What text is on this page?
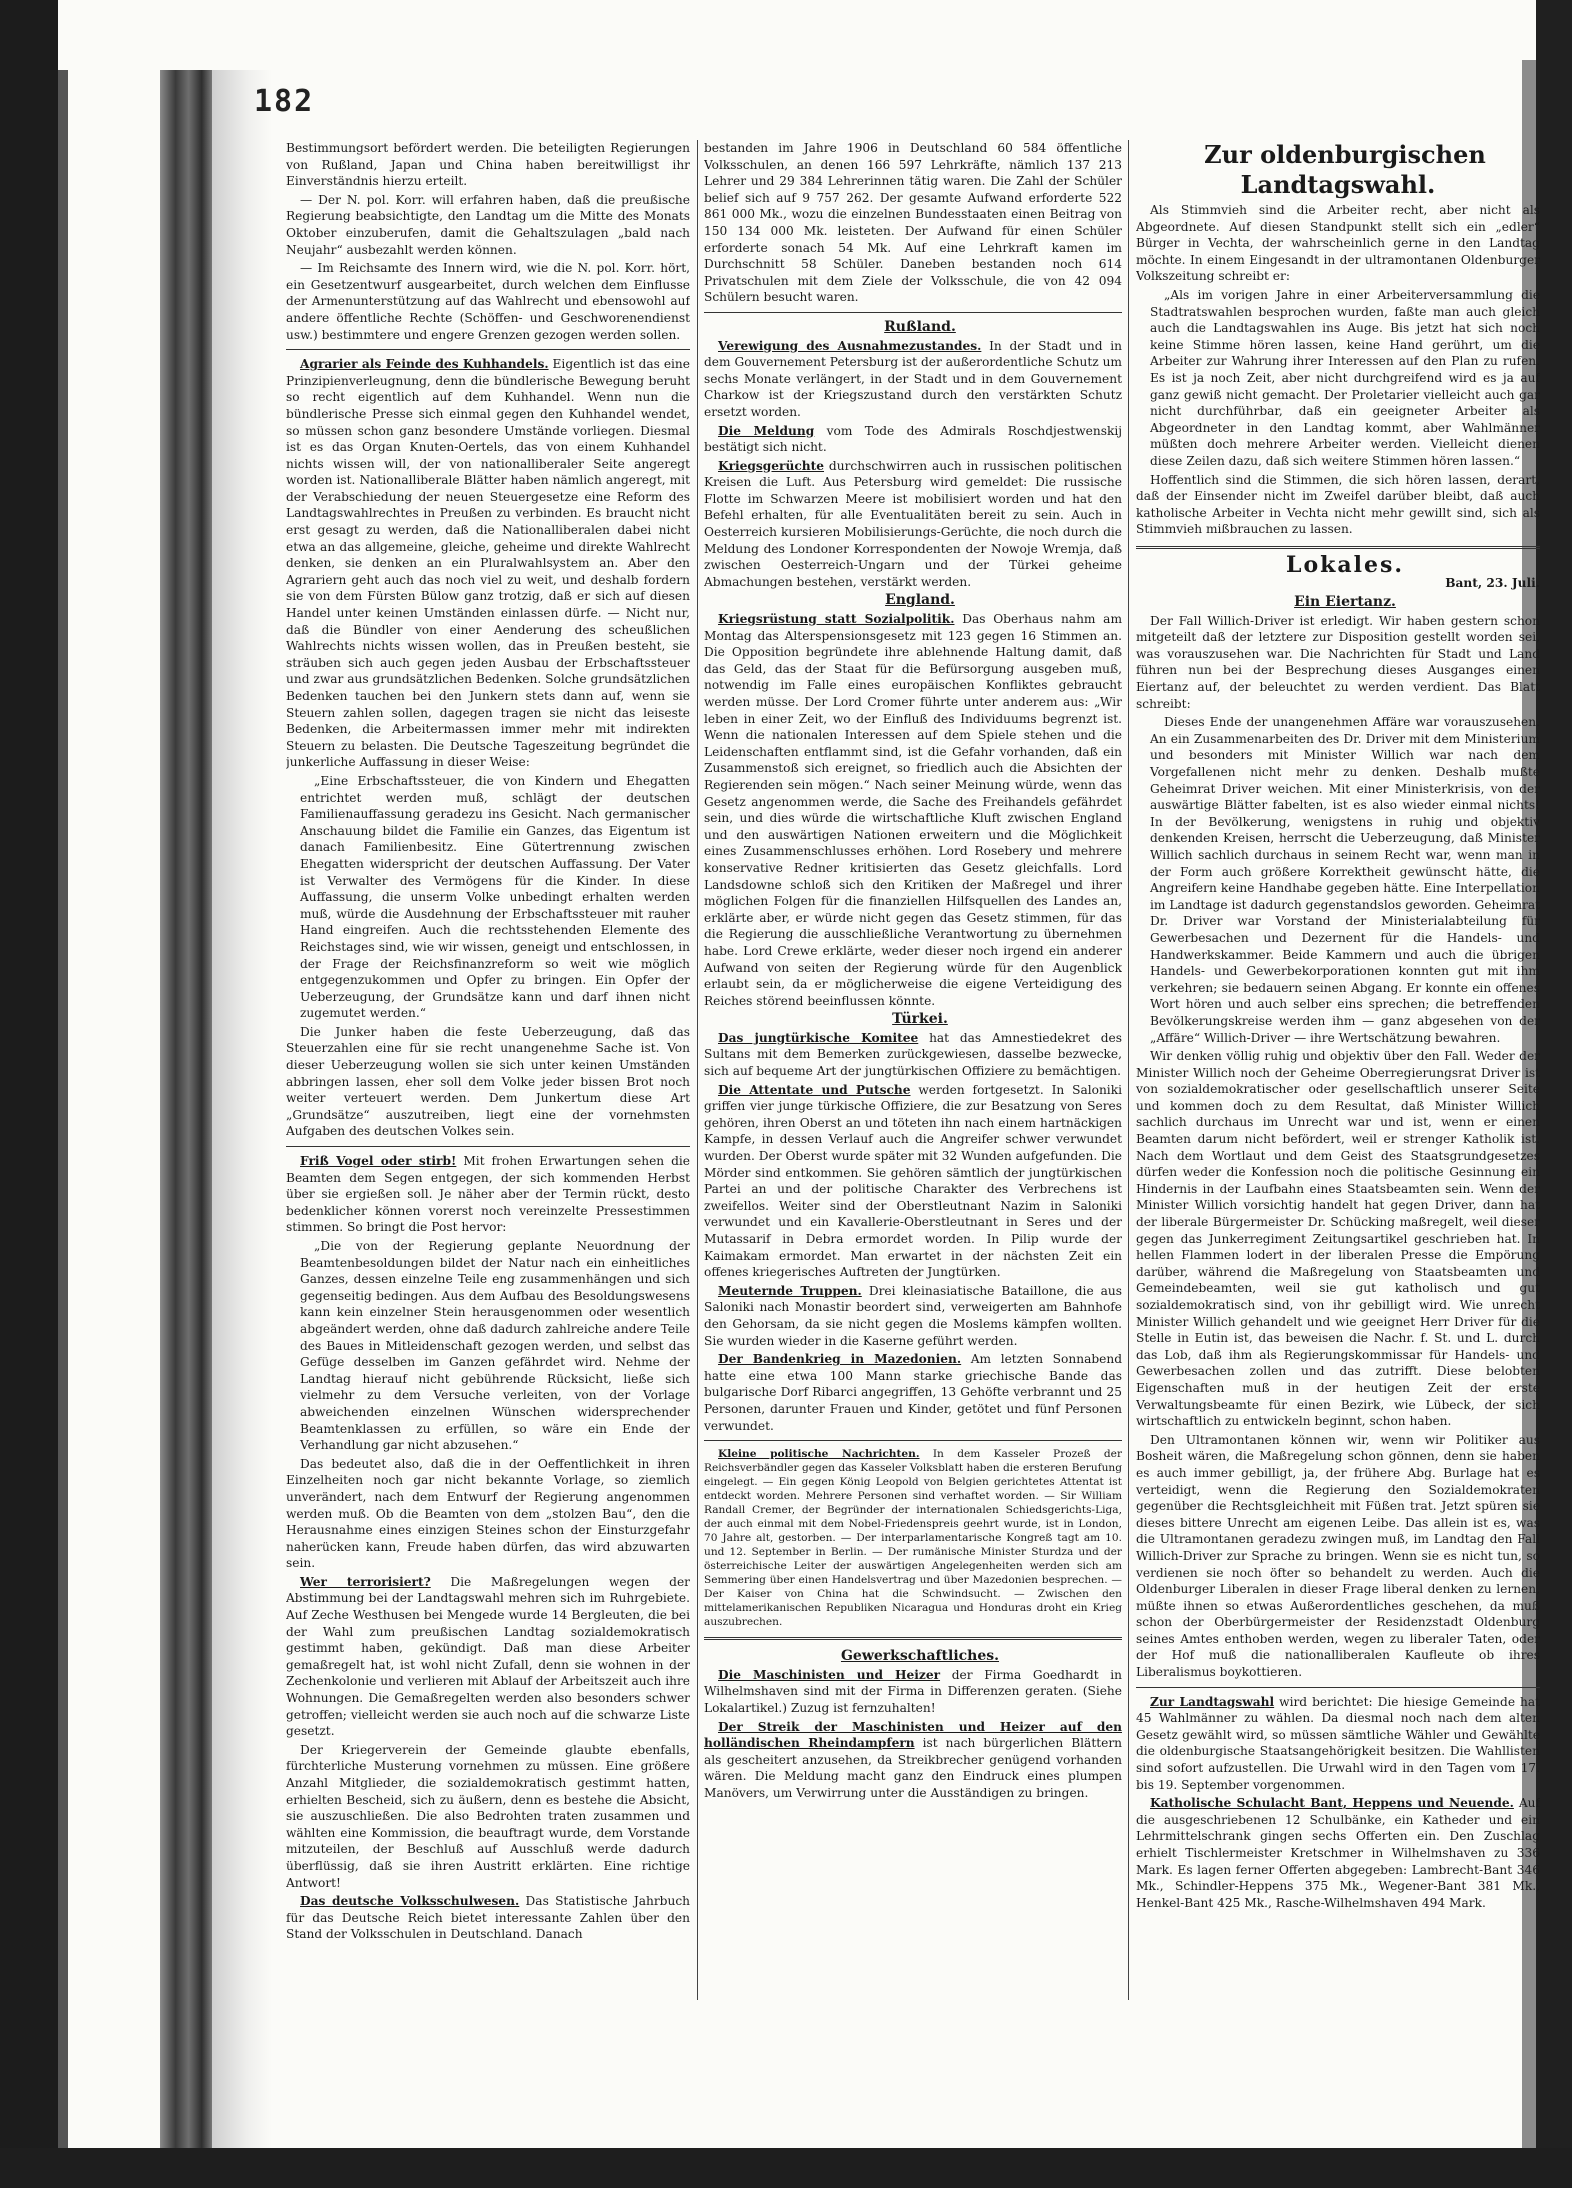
182

Bestimmungsort befördert werden. Die beteiligten Regierungen von Rußland, Japan und China haben bereitwilligst ihr Einverständnis hierzu erteilt.

— Der N. pol. Korr. will erfahren haben, daß die preußische Regierung beabsichtigte, den Landtag um die Mitte des Monats Oktober einzuberufen, damit die Gehaltszulagen „bald nach Neujahr“ ausbezahlt werden können.

— Im Reichsamte des Innern wird, wie die N. pol. Korr. hört, ein Gesetzentwurf ausgearbeitet, durch welchen dem Einflusse der Armenunterstützung auf das Wahlrecht und ebensowohl auf andere öffentliche Rechte (Schöffen- und Geschworenendienst usw.) bestimmtere und engere Grenzen gezogen werden sollen.

Agrarier als Feinde des Kuhhandels. Eigentlich ist das eine Prinzipienverleugnung, denn die bündlerische Bewegung beruht so recht eigentlich auf dem Kuhhandel. Wenn nun die bündlerische Presse sich einmal gegen den Kuhhandel wendet, so müssen schon ganz besondere Umstände vorliegen. Diesmal ist es das Organ Knuten-Oertels, das von einem Kuhhandel nichts wissen will, der von nationalliberaler Seite angeregt worden ist. Nationalliberale Blätter haben nämlich angeregt, mit der Verabschiedung der neuen Steuergesetze eine Reform des Landtagswahlrechtes in Preußen zu verbinden. Es braucht nicht erst gesagt zu werden, daß die Nationalliberalen dabei nicht etwa an das allgemeine, gleiche, geheime und direkte Wahlrecht denken, sie denken an ein Pluralwahlsystem an. Aber den Agrariern geht auch das noch viel zu weit, und deshalb fordern sie von dem Fürsten Bülow ganz trotzig, daß er sich auf diesen Handel unter keinen Umständen einlassen dürfe. — Nicht nur, daß die Bündler von einer Aenderung des scheußlichen Wahlrechts nichts wissen wollen, das in Preußen besteht, sie sträuben sich auch gegen jeden Ausbau der Erbschaftssteuer und zwar aus grundsätzlichen Bedenken. Solche grundsätzlichen Bedenken tauchen bei den Junkern stets dann auf, wenn sie Steuern zahlen sollen, dagegen tragen sie nicht das leiseste Bedenken, die Arbeitermassen immer mehr mit indirekten Steuern zu belasten. Die Deutsche Tageszeitung begründet die junkerliche Auffassung in dieser Weise:

„Eine Erbschaftssteuer, die von Kindern und Ehegatten entrichtet werden muß, schlägt der deutschen Familienauffassung geradezu ins Gesicht. Nach germanischer Anschauung bildet die Familie ein Ganzes, das Eigentum ist danach Familienbesitz. Eine Gütertrennung zwischen Ehegatten widerspricht der deutschen Auffassung. Der Vater ist Verwalter des Vermögens für die Kinder. In diese Auffassung, die unserm Volke unbedingt erhalten werden muß, würde die Ausdehnung der Erbschaftssteuer mit rauher Hand eingreifen. Auch die rechtsstehenden Elemente des Reichstages sind, wie wir wissen, geneigt und entschlossen, in der Frage der Reichsfinanzreform so weit wie möglich entgegenzukommen und Opfer zu bringen. Ein Opfer der Ueberzeugung, der Grundsätze kann und darf ihnen nicht zugemutet werden.“

Die Junker haben die feste Ueberzeugung, daß das Steuerzahlen eine für sie recht unangenehme Sache ist. Von dieser Ueberzeugung wollen sie sich unter keinen Umständen abbringen lassen, eher soll dem Volke jeder bissen Brot noch weiter verteuert werden. Dem Junkertum diese Art „Grundsätze“ auszutreiben, liegt eine der vornehmsten Aufgaben des deutschen Volkes sein.

Friß Vogel oder stirb! Mit frohen Erwartungen sehen die Beamten dem Segen entgegen, der sich kommenden Herbst über sie ergießen soll. Je näher aber der Termin rückt, desto bedenklicher können vorerst noch vereinzelte Pressestimmen stimmen. So bringt die Post hervor:

„Die von der Regierung geplante Neuordnung der Beamtenbesoldungen bildet der Natur nach ein einheitliches Ganzes, dessen einzelne Teile eng zusammenhängen und sich gegenseitig bedingen. Aus dem Aufbau des Besoldungswesens kann kein einzelner Stein herausgenommen oder wesentlich abgeändert werden, ohne daß dadurch zahlreiche andere Teile des Baues in Mitleidenschaft gezogen werden, und selbst das Gefüge desselben im Ganzen gefährdet wird. Nehme der Landtag hierauf nicht gebührende Rücksicht, ließe sich vielmehr zu dem Versuche verleiten, von der Vorlage abweichenden einzelnen Wünschen widersprechender Beamtenklassen zu erfüllen, so wäre ein Ende der Verhandlung gar nicht abzusehen.“

Das bedeutet also, daß die in der Oeffentlichkeit in ihren Einzelheiten noch gar nicht bekannte Vorlage, so ziemlich unverändert, nach dem Entwurf der Regierung angenommen werden muß. Ob die Beamten von dem „stolzen Bau“, den die Herausnahme eines einzigen Steines schon der Einsturzgefahr naherücken kann, Freude haben dürfen, das wird abzuwarten sein.

Wer terrorisiert? Die Maßregelungen wegen der Abstimmung bei der Landtagswahl mehren sich im Ruhrgebiete. Auf Zeche Westhusen bei Mengede wurde 14 Bergleuten, die bei der Wahl zum preußischen Landtag sozialdemokratisch gestimmt haben, gekündigt. Daß man diese Arbeiter gemaßregelt hat, ist wohl nicht Zufall, denn sie wohnen in der Zechenkolonie und verlieren mit Ablauf der Arbeitszeit auch ihre Wohnungen. Die Gemaßregelten werden also besonders schwer getroffen; vielleicht werden sie auch noch auf die schwarze Liste gesetzt.

Der Kriegerverein der Gemeinde glaubte ebenfalls, fürchterliche Musterung vornehmen zu müssen. Eine größere Anzahl Mitglieder, die sozialdemokratisch gestimmt hatten, erhielten Bescheid, sich zu äußern, denn es bestehe die Absicht, sie auszuschließen. Die also Bedrohten traten zusammen und wählten eine Kommission, die beauftragt wurde, dem Vorstande mitzuteilen, der Beschluß auf Ausschluß werde dadurch überflüssig, daß sie ihren Austritt erklärten. Eine richtige Antwort!

Das deutsche Volksschulwesen. Das Statistische Jahrbuch für das Deutsche Reich bietet interessante Zahlen über den Stand der Volksschulen in Deutschland. Danach

bestanden im Jahre 1906 in Deutschland 60 584 öffentliche Volksschulen, an denen 166 597 Lehrkräfte, nämlich 137 213 Lehrer und 29 384 Lehrerinnen tätig waren. Die Zahl der Schüler belief sich auf 9 757 262. Der gesamte Aufwand erforderte 522 861 000 Mk., wozu die einzelnen Bundesstaaten einen Beitrag von 150 134 000 Mk. leisteten. Der Aufwand für einen Schüler erforderte sonach 54 Mk. Auf eine Lehrkraft kamen im Durchschnitt 58 Schüler. Daneben bestanden noch 614 Privatschulen mit dem Ziele der Volksschule, die von 42 094 Schülern besucht waren.

Rußland.

Verewigung des Ausnahmezustandes. In der Stadt und in dem Gouvernement Petersburg ist der außerordentliche Schutz um sechs Monate verlängert, in der Stadt und in dem Gouvernement Charkow ist der Kriegszustand durch den verstärkten Schutz ersetzt worden.

Die Meldung vom Tode des Admirals Roschdjestwenskij bestätigt sich nicht.

Kriegsgerüchte durchschwirren auch in russischen politischen Kreisen die Luft. Aus Petersburg wird gemeldet: Die russische Flotte im Schwarzen Meere ist mobilisiert worden und hat den Befehl erhalten, für alle Eventualitäten bereit zu sein. Auch in Oesterreich kursieren Mobilisierungs-Gerüchte, die noch durch die Meldung des Londoner Korrespondenten der Nowoje Wremja, daß zwischen Oesterreich-Ungarn und der Türkei geheime Abmachungen bestehen, verstärkt werden.

England.

Kriegsrüstung statt Sozialpolitik. Das Oberhaus nahm am Montag das Alterspensionsgesetz mit 123 gegen 16 Stimmen an. Die Opposition begründete ihre ablehnende Haltung damit, daß das Geld, das der Staat für die Befürsorgung ausgeben muß, notwendig im Falle eines europäischen Konfliktes gebraucht werden müsse. Der Lord Cromer führte unter anderem aus: „Wir leben in einer Zeit, wo der Einfluß des Individuums begrenzt ist. Wenn die nationalen Interessen auf dem Spiele stehen und die Leidenschaften entflammt sind, ist die Gefahr vorhanden, daß ein Zusammenstoß sich ereignet, so friedlich auch die Absichten der Regierenden sein mögen.“ Nach seiner Meinung würde, wenn das Gesetz angenommen werde, die Sache des Freihandels gefährdet sein, und dies würde die wirtschaftliche Kluft zwischen England und den auswärtigen Nationen erweitern und die Möglichkeit eines Zusammenschlusses erhöhen. Lord Rosebery und mehrere konservative Redner kritisierten das Gesetz gleichfalls. Lord Landsdowne schloß sich den Kritiken der Maßregel und ihrer möglichen Folgen für die finanziellen Hilfsquellen des Landes an, erklärte aber, er würde nicht gegen das Gesetz stimmen, für das die Regierung die ausschließliche Verantwortung zu übernehmen habe. Lord Crewe erklärte, weder dieser noch irgend ein anderer Aufwand von seiten der Regierung würde für den Augenblick erlaubt sein, da er möglicherweise die eigene Verteidigung des Reiches störend beeinflussen könnte.

Türkei.

Das jungtürkische Komitee hat das Amnestiedekret des Sultans mit dem Bemerken zurückgewiesen, dasselbe bezwecke, sich auf bequeme Art der jungtürkischen Offiziere zu bemächtigen.

Die Attentate und Putsche werden fortgesetzt. In Saloniki griffen vier junge türkische Offiziere, die zur Besatzung von Seres gehören, ihren Oberst an und töteten ihn nach einem hartnäckigen Kampfe, in dessen Verlauf auch die Angreifer schwer verwundet wurden. Der Oberst wurde später mit 32 Wunden aufgefunden. Die Mörder sind entkommen. Sie gehören sämtlich der jungtürkischen Partei an und der politische Charakter des Verbrechens ist zweifellos. Weiter sind der Oberstleutnant Nazim in Saloniki verwundet und ein Kavallerie-Oberstleutnant in Seres und der Mutassarif in Debra ermordet worden. In Pilip wurde der Kaimakam ermordet. Man erwartet in der nächsten Zeit ein offenes kriegerisches Auftreten der Jungtürken.

Meuternde Truppen. Drei kleinasiatische Bataillone, die aus Saloniki nach Monastir beordert sind, verweigerten am Bahnhofe den Gehorsam, da sie nicht gegen die Moslems kämpfen wollten. Sie wurden wieder in die Kaserne geführt werden.

Der Bandenkrieg in Mazedonien. Am letzten Sonnabend hatte eine etwa 100 Mann starke griechische Bande das bulgarische Dorf Ribarci angegriffen, 13 Gehöfte verbrannt und 25 Personen, darunter Frauen und Kinder, getötet und fünf Personen verwundet.

Kleine politische Nachrichten. In dem Kasseler Prozeß der Reichsverbändler gegen das Kasseler Volksblatt haben die ersteren Berufung eingelegt. — Ein gegen König Leopold von Belgien gerichtetes Attentat ist entdeckt worden. Mehrere Personen sind verhaftet worden. — Sir William Randall Cremer, der Begründer der internationalen Schiedsgerichts-Liga, der auch einmal mit dem Nobel-Friedenspreis geehrt wurde, ist in London, 70 Jahre alt, gestorben. — Der interparlamentarische Kongreß tagt am 10. und 12. September in Berlin. — Der rumänische Minister Sturdza und der österreichische Leiter der auswärtigen Angelegenheiten werden sich am Semmering über einen Handelsvertrag und über Mazedonien besprechen. — Der Kaiser von China hat die Schwindsucht. — Zwischen den mittelamerikanischen Republiken Nicaragua und Honduras droht ein Krieg auszubrechen.

Gewerkschaftliches.

Die Maschinisten und Heizer der Firma Goedhardt in Wilhelmshaven sind mit der Firma in Differenzen geraten. (Siehe Lokalartikel.) Zuzug ist fernzuhalten!

Der Streik der Maschinisten und Heizer auf den holländischen Rheindampfern ist nach bürgerlichen Blättern als gescheitert anzusehen, da Streikbrecher genügend vorhanden wären. Die Meldung macht ganz den Eindruck eines plumpen Manövers, um Verwirrung unter die Ausständigen zu bringen.

Zur oldenburgischen Landtagswahl.

Als Stimmvieh sind die Arbeiter recht, aber nicht als Abgeordnete. Auf diesen Standpunkt stellt sich ein „edler“ Bürger in Vechta, der wahrscheinlich gerne in den Landtag möchte. In einem Eingesandt in der ultramontanen Oldenburger Volkszeitung schreibt er:

„Als im vorigen Jahre in einer Arbeiterversammlung die Stadtratswahlen besprochen wurden, faßte man auch gleich auch die Landtagswahlen ins Auge. Bis jetzt hat sich noch keine Stimme hören lassen, keine Hand gerührt, um die Arbeiter zur Wahrung ihrer Interessen auf den Plan zu rufen. Es ist ja noch Zeit, aber nicht durchgreifend wird es ja auf ganz gewiß nicht gemacht. Der Proletarier vielleicht auch gar nicht durchführbar, daß ein geeigneter Arbeiter als Abgeordneter in den Landtag kommt, aber Wahlmänner müßten doch mehrere Arbeiter werden. Vielleicht dienen diese Zeilen dazu, daß sich weitere Stimmen hören lassen.“

Hoffentlich sind die Stimmen, die sich hören lassen, derart, daß der Einsender nicht im Zweifel darüber bleibt, daß auch katholische Arbeiter in Vechta nicht mehr gewillt sind, sich als Stimmvieh mißbrauchen zu lassen.

Lokales.

Bant, 23. Juli.

Ein Eiertanz.

Der Fall Willich-Driver ist erledigt. Wir haben gestern schon mitgeteilt daß der letztere zur Disposition gestellt worden sei, was vorauszusehen war. Die Nachrichten für Stadt und Land führen nun bei der Besprechung dieses Ausganges einen Eiertanz auf, der beleuchtet zu werden verdient. Das Blatt schreibt:

Dieses Ende der unangenehmen Affäre war vorauszusehen. An ein Zusammenarbeiten des Dr. Driver mit dem Ministerium und besonders mit Minister Willich war nach dem Vorgefallenen nicht mehr zu denken. Deshalb mußte Geheimrat Driver weichen. Mit einer Ministerkrisis, von der auswärtige Blätter fabelten, ist es also wieder einmal nichts! In der Bevölkerung, wenigstens in ruhig und objektiv denkenden Kreisen, herrscht die Ueberzeugung, daß Minister Willich sachlich durchaus in seinem Recht war, wenn man in der Form auch größere Korrektheit gewünscht hätte, die Angreifern keine Handhabe gegeben hätte. Eine Interpellation im Landtage ist dadurch gegenstandslos geworden. Geheimrat Dr. Driver war Vorstand der Ministerialabteilung für Gewerbesachen und Dezernent für die Handels- und Handwerkskammer. Beide Kammern und auch die übrigen Handels- und Gewerbekorporationen konnten gut mit ihm verkehren; sie bedauern seinen Abgang. Er konnte ein offenes Wort hören und auch selber eins sprechen; die betreffenden Bevölkerungskreise werden ihm — ganz abgesehen von der „Affäre“ Willich-Driver — ihre Wertschätzung bewahren.

Wir denken völlig ruhig und objektiv über den Fall. Weder der Minister Willich noch der Geheime Oberregierungsrat Driver ist von sozialdemokratischer oder gesellschaftlich unserer Seite und kommen doch zu dem Resultat, daß Minister Willich sachlich durchaus im Unrecht war und ist, wenn er einen Beamten darum nicht befördert, weil er strenger Katholik ist. Nach dem Wortlaut und dem Geist des Staatsgrundgesetzes dürfen weder die Konfession noch die politische Gesinnung ein Hindernis in der Laufbahn eines Staatsbeamten sein. Wenn der Minister Willich vorsichtig handelt hat gegen Driver, dann hat der liberale Bürgermeister Dr. Schücking maßregelt, weil dieser gegen das Junkerregiment Zeitungsartikel geschrieben hat. In hellen Flammen lodert in der liberalen Presse die Empörung darüber, während die Maßregelung von Staatsbeamten und Gemeindebeamten, weil sie gut katholisch und gut sozialdemokratisch sind, von ihr gebilligt wird. Wie unrecht Minister Willich gehandelt und wie geeignet Herr Driver für die Stelle in Eutin ist, das beweisen die Nachr. f. St. und L. durch das Lob, daß ihm als Regierungskommissar für Handels- und Gewerbesachen zollen und das zutrifft. Diese belobten Eigenschaften muß in der heutigen Zeit der erste Verwaltungsbeamte für einen Bezirk, wie Lübeck, der sich wirtschaftlich zu entwickeln beginnt, schon haben.

Den Ultramontanen können wir, wenn wir Politiker aus Bosheit wären, die Maßregelung schon gönnen, denn sie haben es auch immer gebilligt, ja, der frühere Abg. Burlage hat es verteidigt, wenn die Regierung den Sozialdemokraten gegenüber die Rechtsgleichheit mit Füßen trat. Jetzt spüren sie dieses bittere Unrecht am eigenen Leibe. Das allein ist es, was die Ultramontanen geradezu zwingen muß, im Landtag den Fall Willich-Driver zur Sprache zu bringen. Wenn sie es nicht tun, so verdienen sie noch öfter so behandelt zu werden. Auch die Oldenburger Liberalen in dieser Frage liberal denken zu lernen, müßte ihnen so etwas Außerordentliches geschehen, da muß schon der Oberbürgermeister der Residenzstadt Oldenburg seines Amtes enthoben werden, wegen zu liberaler Taten, oder der Hof muß die nationalliberalen Kaufleute ob ihres Liberalismus boykottieren.

Zur Landtagswahl wird berichtet: Die hiesige Gemeinde hat 45 Wahlmänner zu wählen. Da diesmal noch nach dem alten Gesetz gewählt wird, so müssen sämtliche Wähler und Gewählte die oldenburgische Staatsangehörigkeit besitzen. Die Wahllisten sind sofort aufzustellen. Die Urwahl wird in den Tagen vom 17. bis 19. September vorgenommen.

Katholische Schulacht Bant, Heppens und Neuende. Auf die ausgeschriebenen 12 Schulbänke, ein Katheder und ein Lehrmittelschrank gingen sechs Offerten ein. Den Zuschlag erhielt Tischlermeister Kretschmer in Wilhelmshaven zu 336 Mark. Es lagen ferner Offerten abgegeben: Lambrecht-Bant 346 Mk., Schindler-Heppens 375 Mk., Wegener-Bant 381 Mk., Henkel-Bant 425 Mk., Rasche-Wilhelmshaven 494 Mark.
